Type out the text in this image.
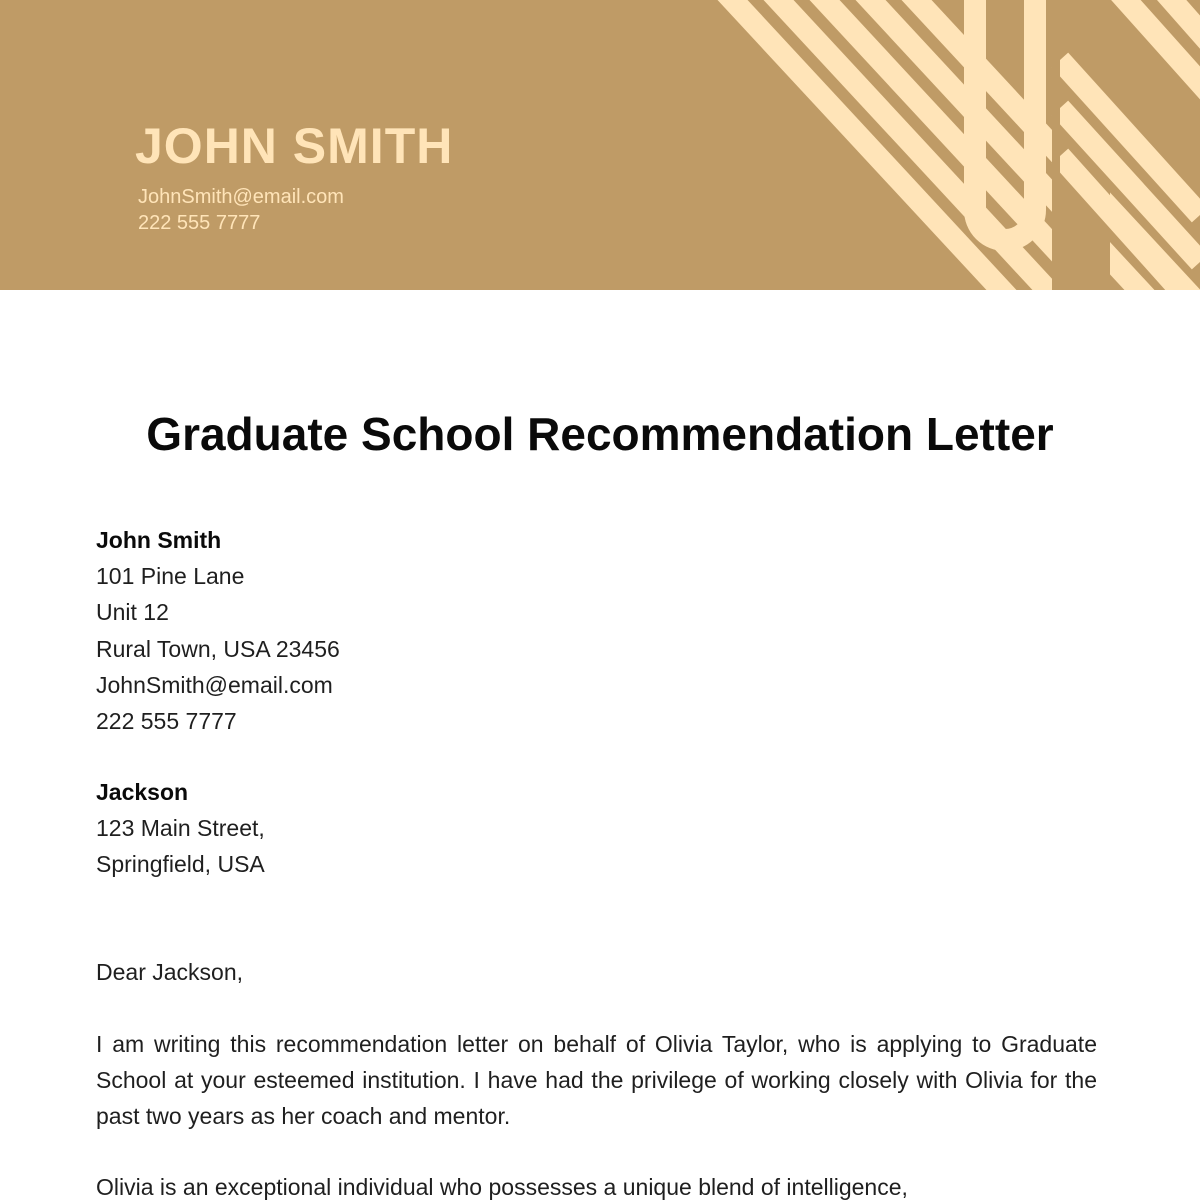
JOHN SMITH
JohnSmith@email.com
222 555 7777
Graduate School Recommendation Letter
John Smith
101 Pine Lane
Unit 12
Rural Town, USA 23456
JohnSmith@email.com
222 555 7777
Jackson
123 Main Street,
Springfield, USA
Dear Jackson,

I am writing this recommendation letter on behalf of Olivia Taylor, who is applying to Graduate School at your esteemed institution. I have had the privilege of working closely with Olivia for the past two years as her coach and mentor.

Olivia is an exceptional individual who possesses a unique blend of intelligence,
